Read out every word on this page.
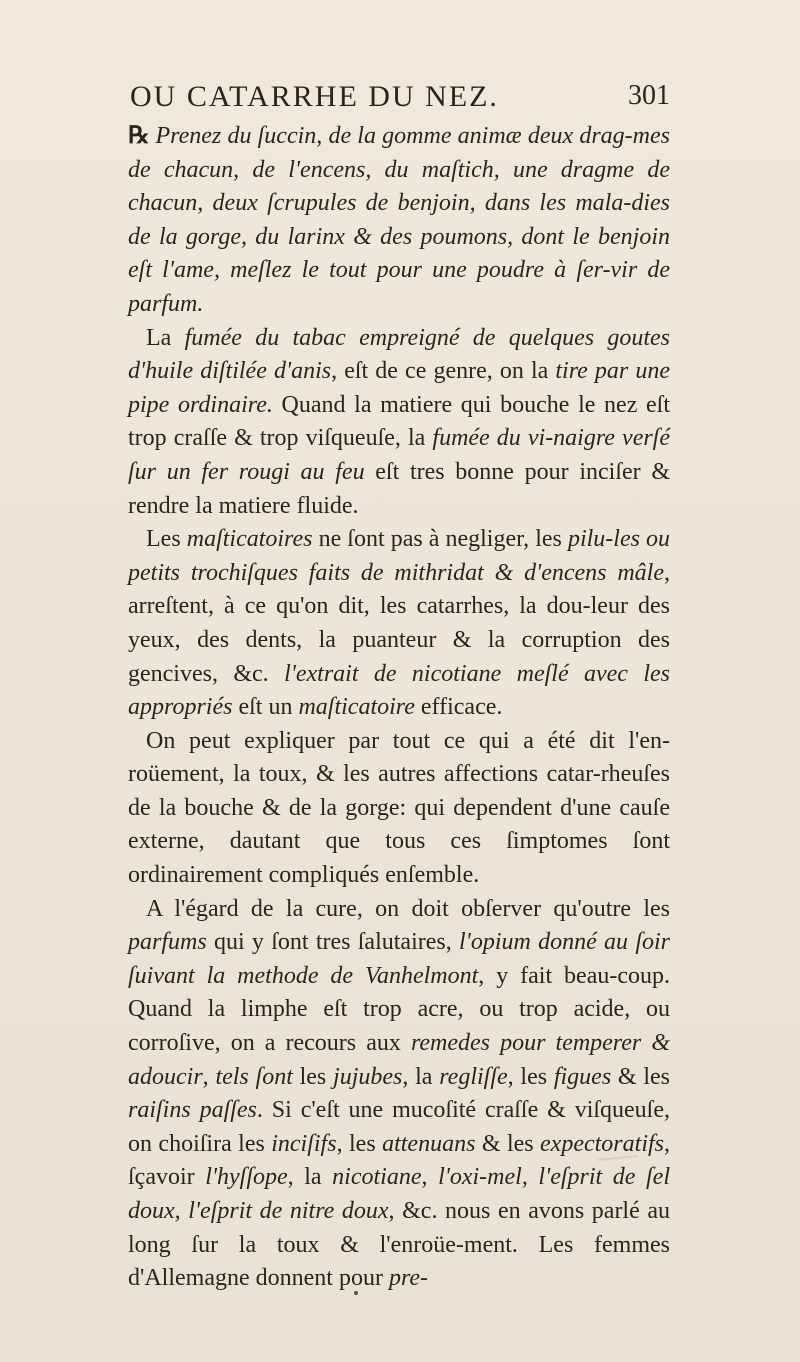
OU CATARRHE DU NEZ.	301

℞ Prenez du ſuccin, de la gomme animæ deux drag-mes de chacun, de l'encens, du maſtich, une dragme de chacun, deux ſcrupules de benjoin, dans les mala-dies de la gorge, du larinx & des poumons, dont le benjoin eſt l'ame, meſlez le tout pour une poudre à ſer-vir de parfum.

La fumée du tabac empreigné de quelques goutes d'huile diſtilée d'anis, eſt de ce genre, on la tire par une pipe ordinaire. Quand la matiere qui bouche le nez eſt trop craſſe & trop viſqueuſe, la fumée du vi-naigre verſé ſur un fer rougi au feu eſt tres bonne pour inciſer & rendre la matiere fluide.

Les maſticatoires ne ſont pas à negliger, les pilu-les ou petits trochiſques faits de mithridat & d'encens mâle, arreſtent, à ce qu'on dit, les catarrhes, la dou-leur des yeux, des dents, la puanteur & la corruption des gencives, &c. l'extrait de nicotiane meſlé avec les appropriés eſt un maſticatoire efficace.

On peut expliquer par tout ce qui a été dit l'en-roüement, la toux, & les autres affections catar-rheuſes de la bouche & de la gorge: qui dependent d'une cauſe externe, dautant que tous ces ſimptomes ſont ordinairement compliqués enſemble.

A l'égard de la cure, on doit obſerver qu'outre les parfums qui y ſont tres ſalutaires, l'opium donné au ſoir ſuivant la methode de Vanhelmont, y fait beau-coup. Quand la limphe eſt trop acre, ou trop acide, ou corroſive, on a recours aux remedes pour temperer & adoucir, tels ſont les jujubes, la regliſſe, les figues & les raiſins paſſes. Si c'eſt une mucoſité craſſe & viſqueuſe, on choiſira les inciſifs, les attenuans & les expectoratifs, ſçavoir l'hyſſope, la nicotiane, l'oxi-mel, l'eſprit de ſel doux, l'eſprit de nitre doux, &c. nous en avons parlé au long ſur la toux & l'enroüe-ment. Les femmes d'Allemagne donnent pour pre-
